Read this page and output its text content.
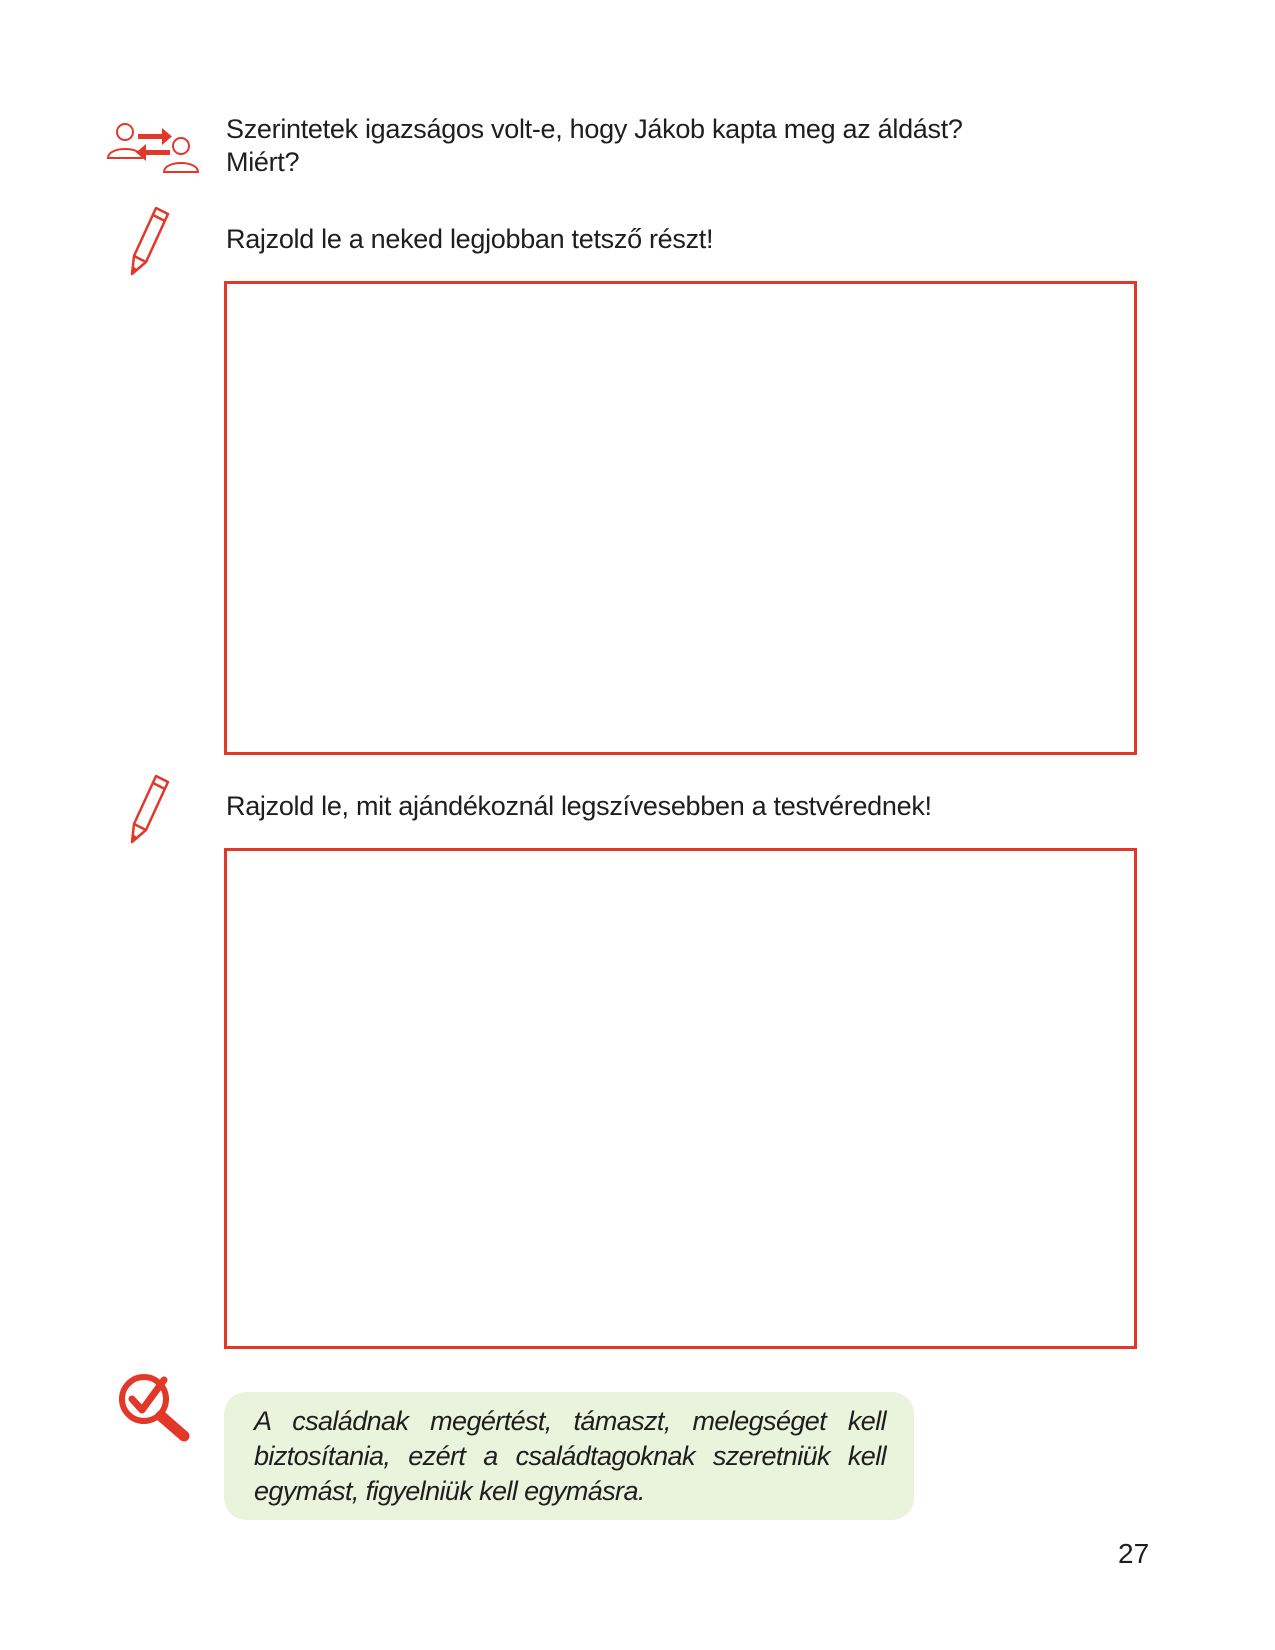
Szerintetek igazságos volt-e, hogy Jákob kapta meg az áldást?
Miért?
Rajzold le a neked legjobban tetsző részt!
Rajzold le, mit ajándékoznál legszívesebben a testvérednek!

A családnak megértést, támaszt, melegséget kell biztosítania, ezért a családtagoknak szeretniük kell egymást, figyelniük kell egymásra.

27
